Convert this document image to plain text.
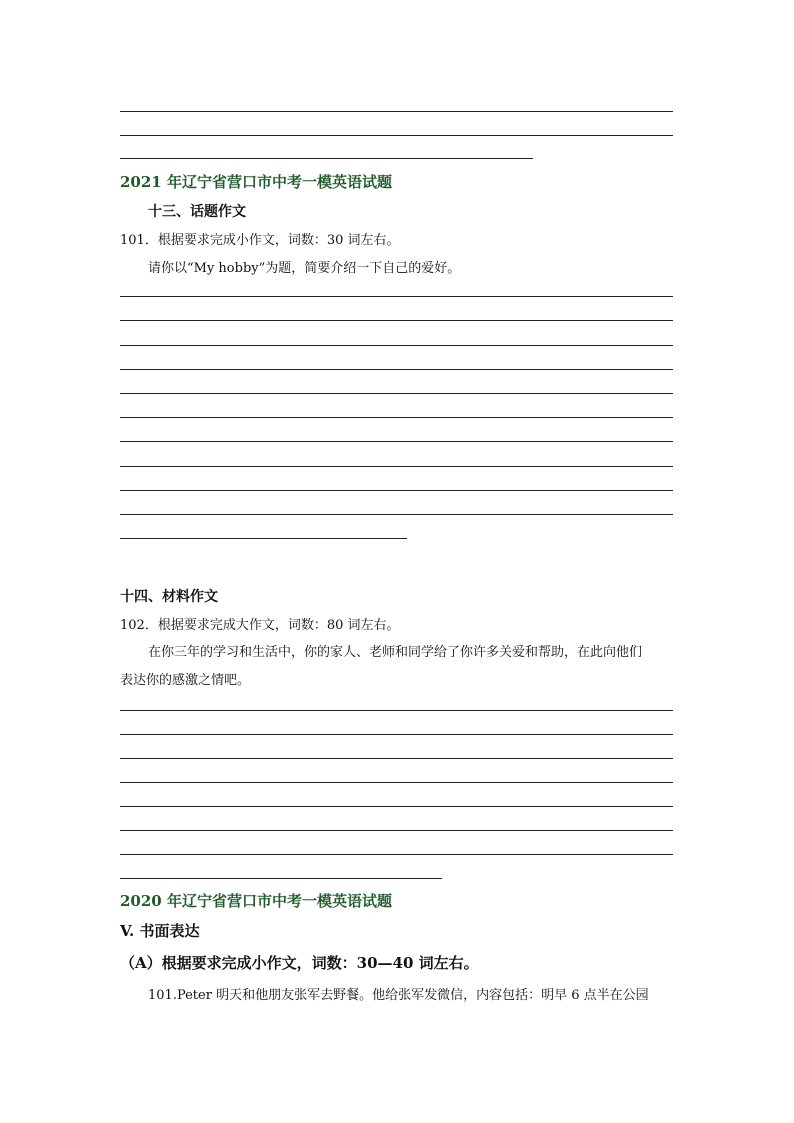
2021 年辽宁省营口市中考一模英语试题
十三、话题作文
101．根据要求完成小作文，词数：30 词左右。
请你以“My hobby”为题，简要介绍一下自己的爱好。
十四、材料作文
102．根据要求完成大作文，词数：80 词左右。
在你三年的学习和生活中，你的家人、老师和同学给了你许多关爱和帮助，在此向他们
表达你的感激之情吧。
2020 年辽宁省营口市中考一模英语试题
V. 书面表达
（A）根据要求完成小作文，词数：30—40 词左右。
101.Peter 明天和他朋友张军去野餐。他给张军发微信，内容包括：明早 6 点半在公园
